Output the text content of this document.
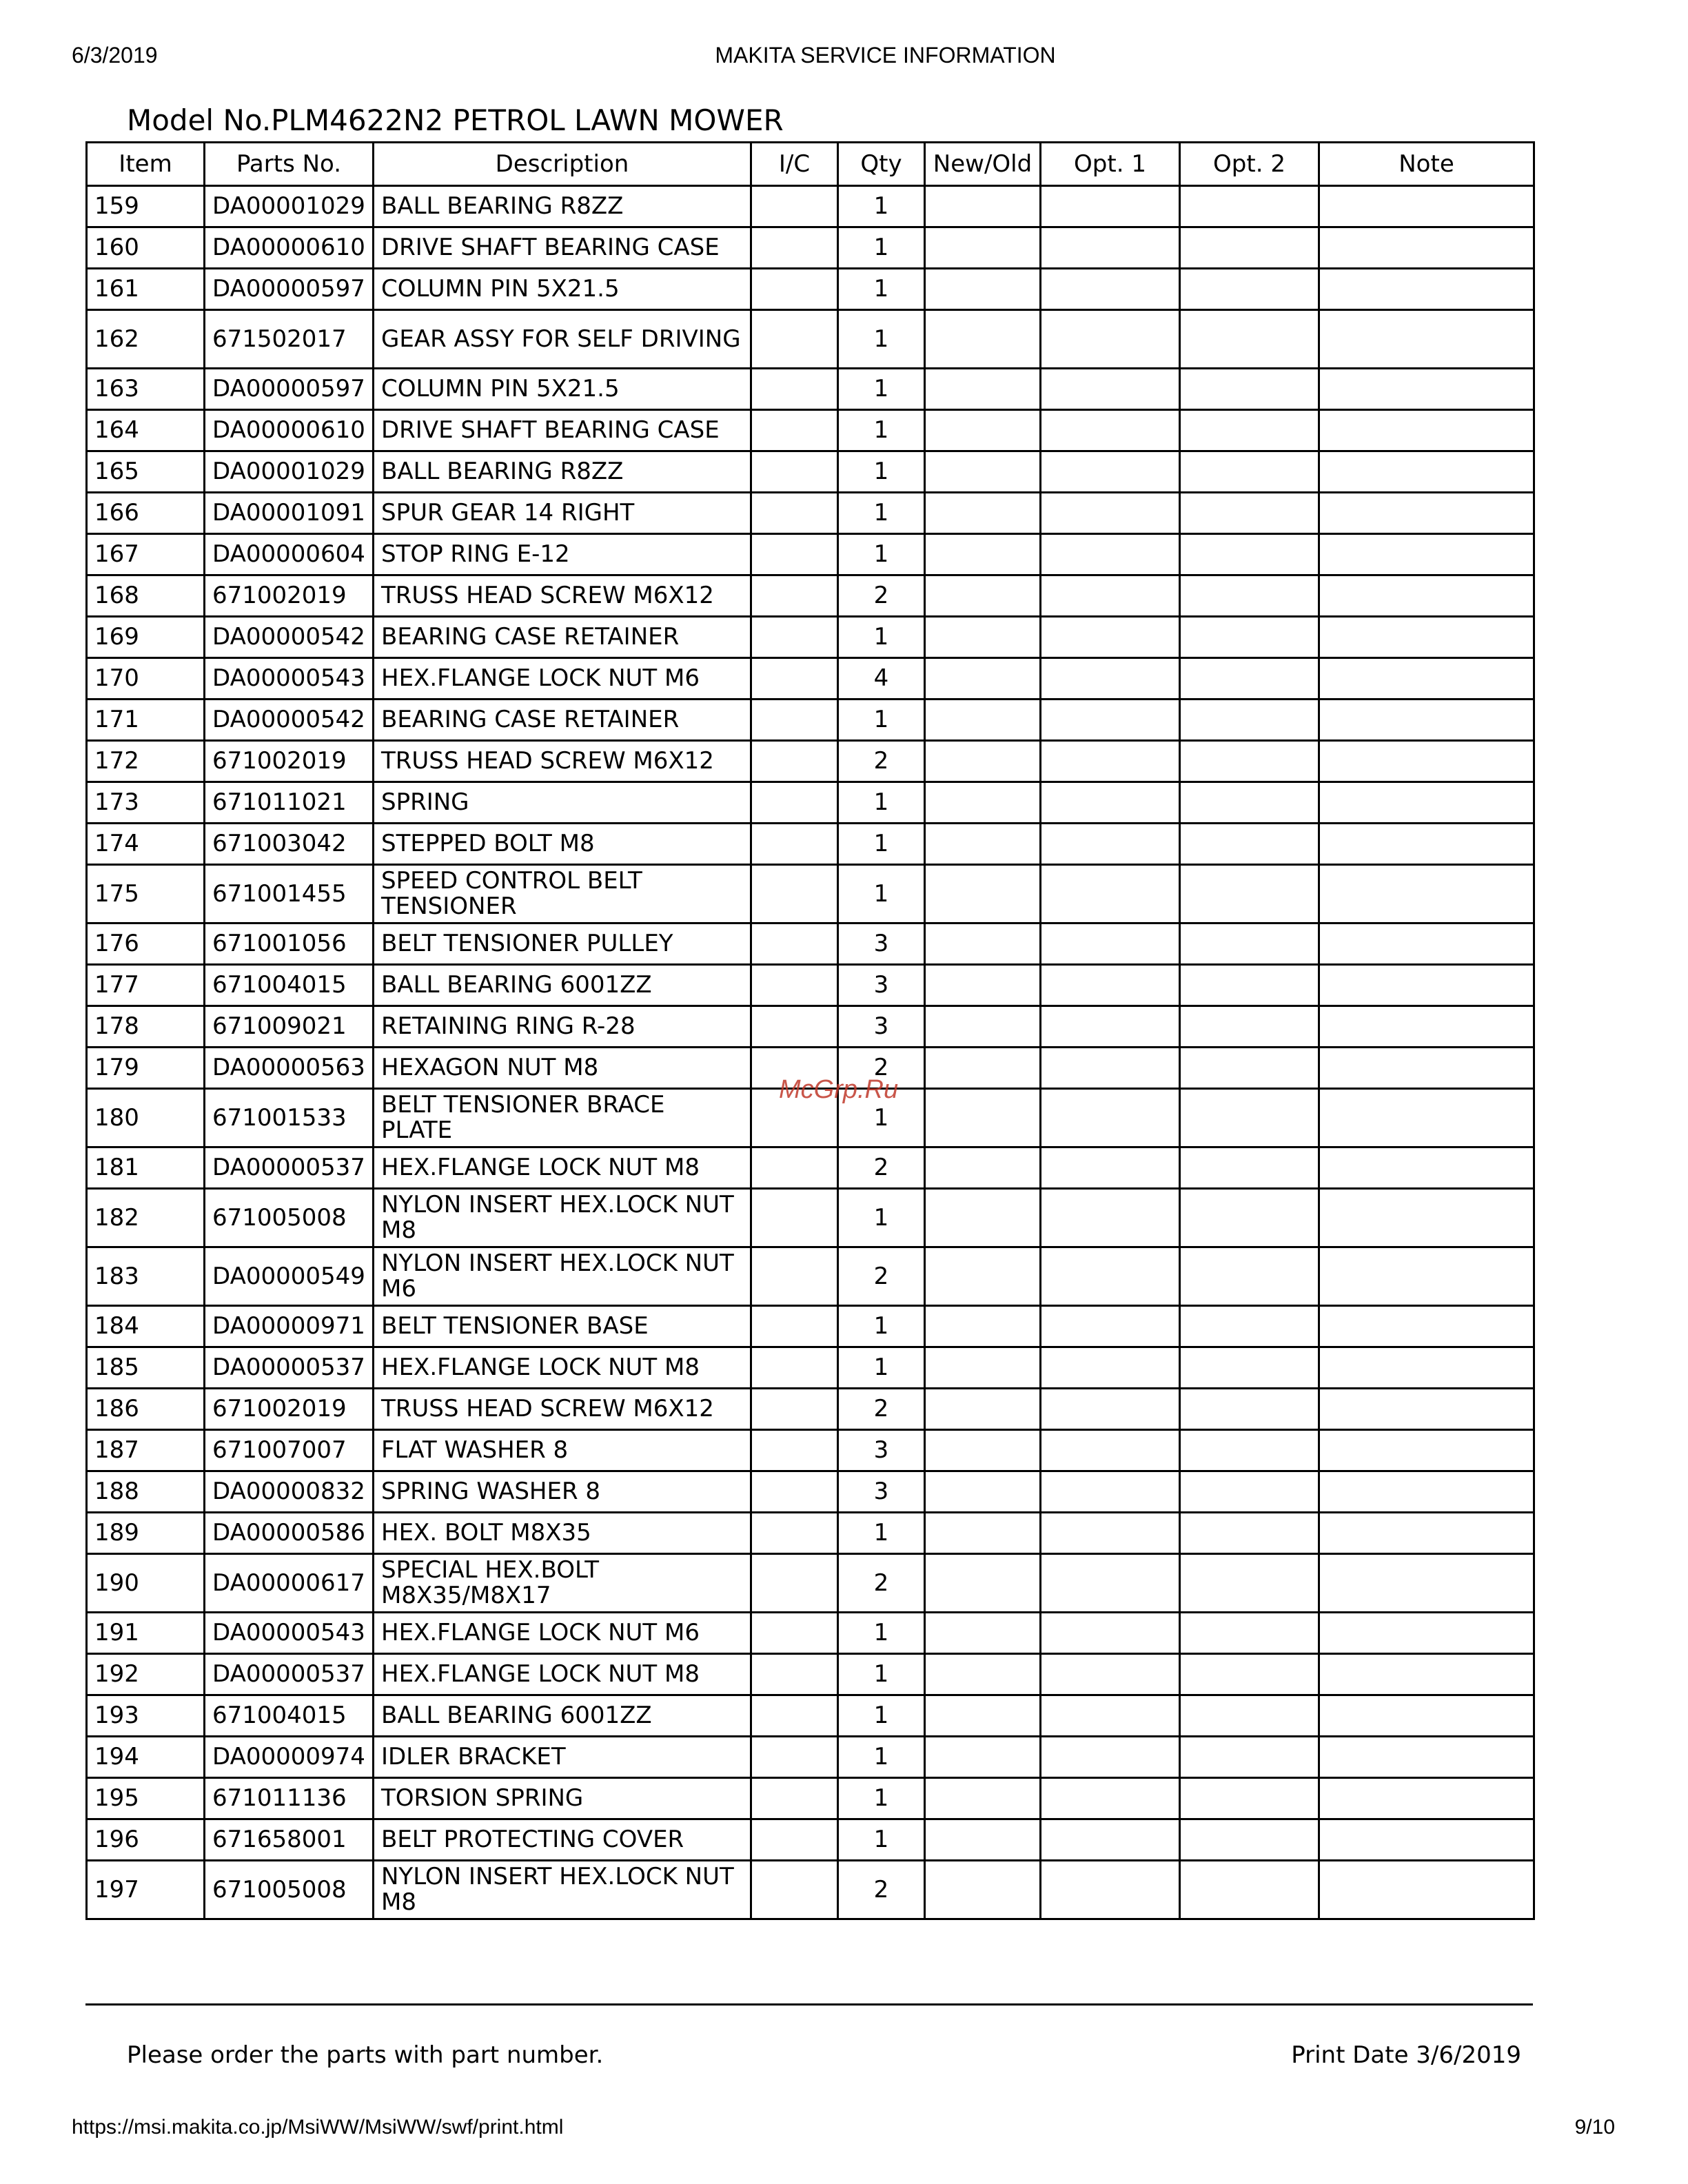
6/3/2019	MAKITA SERVICE INFORMATION
Model No.PLM4622N2 PETROL LAWN MOWER
Item	Parts No.	Description	I/C	Qty	New/Old	Opt. 1	Opt. 2	Note
159	DA00001029	BALL BEARING R8ZZ		1				
160	DA00000610	DRIVE SHAFT BEARING CASE		1				
161	DA00000597	COLUMN PIN 5X21.5		1				
162	671502017	GEAR ASSY FOR SELF DRIVING		1				
163	DA00000597	COLUMN PIN 5X21.5		1				
164	DA00000610	DRIVE SHAFT BEARING CASE		1				
165	DA00001029	BALL BEARING R8ZZ		1				
166	DA00001091	SPUR GEAR 14 RIGHT		1				
167	DA00000604	STOP RING E-12		1				
168	671002019	TRUSS HEAD SCREW M6X12		2				
169	DA00000542	BEARING CASE RETAINER		1				
170	DA00000543	HEX.FLANGE LOCK NUT M6		4				
171	DA00000542	BEARING CASE RETAINER		1				
172	671002019	TRUSS HEAD SCREW M6X12		2				
173	671011021	SPRING		1				
174	671003042	STEPPED BOLT M8		1				
175	671001455	SPEED CONTROL BELT TENSIONER		1				
176	671001056	BELT TENSIONER PULLEY		3				
177	671004015	BALL BEARING 6001ZZ		3				
178	671009021	RETAINING RING R-28		3				
179	DA00000563	HEXAGON NUT M8		2				
180	671001533	BELT TENSIONER BRACE PLATE		1				
181	DA00000537	HEX.FLANGE LOCK NUT M8		2				
182	671005008	NYLON INSERT HEX.LOCK NUT M8		1				
183	DA00000549	NYLON INSERT HEX.LOCK NUT M6		2				
184	DA00000971	BELT TENSIONER BASE		1				
185	DA00000537	HEX.FLANGE LOCK NUT M8		1				
186	671002019	TRUSS HEAD SCREW M6X12		2				
187	671007007	FLAT WASHER 8		3				
188	DA00000832	SPRING WASHER 8		3				
189	DA00000586	HEX. BOLT M8X35		1				
190	DA00000617	SPECIAL HEX.BOLT M8X35/M8X17		2				
191	DA00000543	HEX.FLANGE LOCK NUT M6		1				
192	DA00000537	HEX.FLANGE LOCK NUT M8		1				
193	671004015	BALL BEARING 6001ZZ		1				
194	DA00000974	IDLER BRACKET		1				
195	671011136	TORSION SPRING		1				
196	671658001	BELT PROTECTING COVER		1				
197	671005008	NYLON INSERT HEX.LOCK NUT M8		2				
McGrp.Ru
Please order the parts with part number.	Print Date 3/6/2019
https://msi.makita.co.jp/MsiWW/MsiWW/swf/print.html	9/10
